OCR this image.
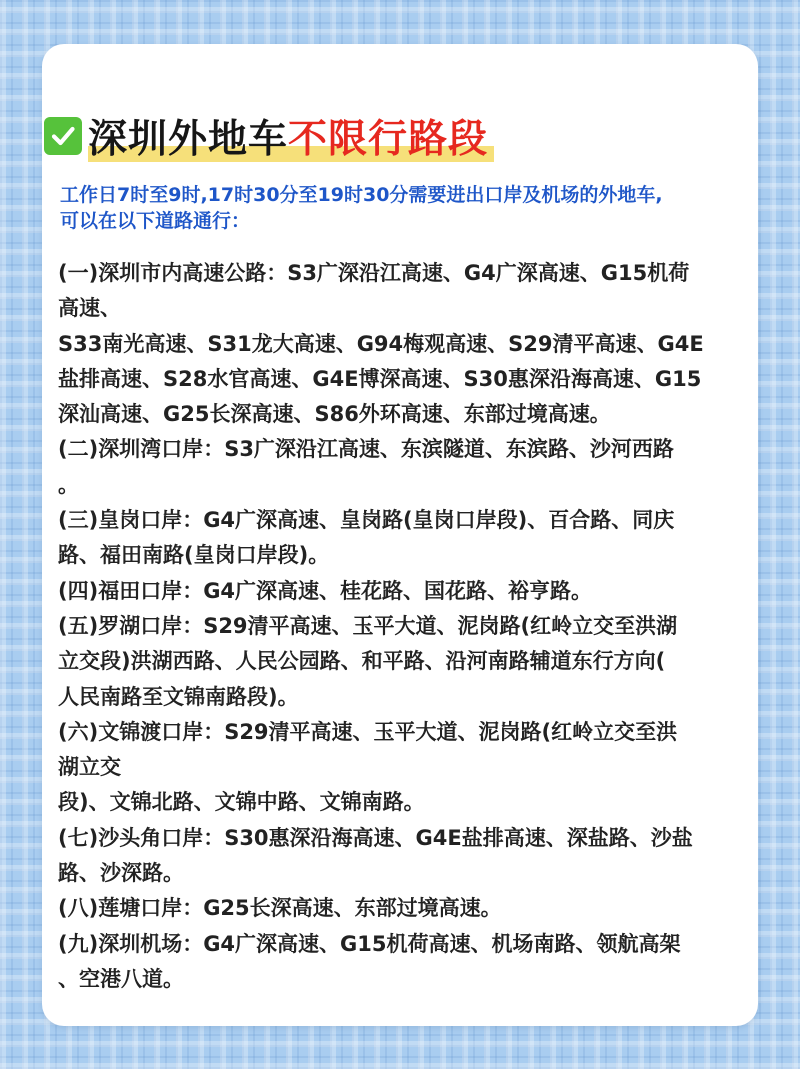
深圳外地车不限行路段
工作日7时至9时,17时30分至19时30分需要进出口岸及机场的外地车,
可以在以下道路通行：
(一)深圳市内高速公路：S3广深沿江高速、G4广深高速、G15机荷
高速、
S33南光高速、S31龙大高速、G94梅观高速、S29清平高速、G4E
盐排高速、S28水官高速、G4E博深高速、S30惠深沿海高速、G15
深汕高速、G25长深高速、S86外环高速、东部过境高速。
(二)深圳湾口岸：S3广深沿江高速、东滨隧道、东滨路、沙河西路
。
(三)皇岗口岸：G4广深高速、皇岗路(皇岗口岸段)、百合路、同庆
路、福田南路(皇岗口岸段)。
(四)福田口岸：G4广深高速、桂花路、国花路、裕亨路。
(五)罗湖口岸：S29清平高速、玉平大道、泥岗路(红岭立交至洪湖
立交段)洪湖西路、人民公园路、和平路、沿河南路辅道东行方向(
人民南路至文锦南路段)。
(六)文锦渡口岸：S29清平高速、玉平大道、泥岗路(红岭立交至洪
湖立交
段)、文锦北路、文锦中路、文锦南路。
(七)沙头角口岸：S30惠深沿海高速、G4E盐排高速、深盐路、沙盐
路、沙深路。
(八)莲塘口岸：G25长深高速、东部过境高速。
(九)深圳机场：G4广深高速、G15机荷高速、机场南路、领航高架
、空港八道。
